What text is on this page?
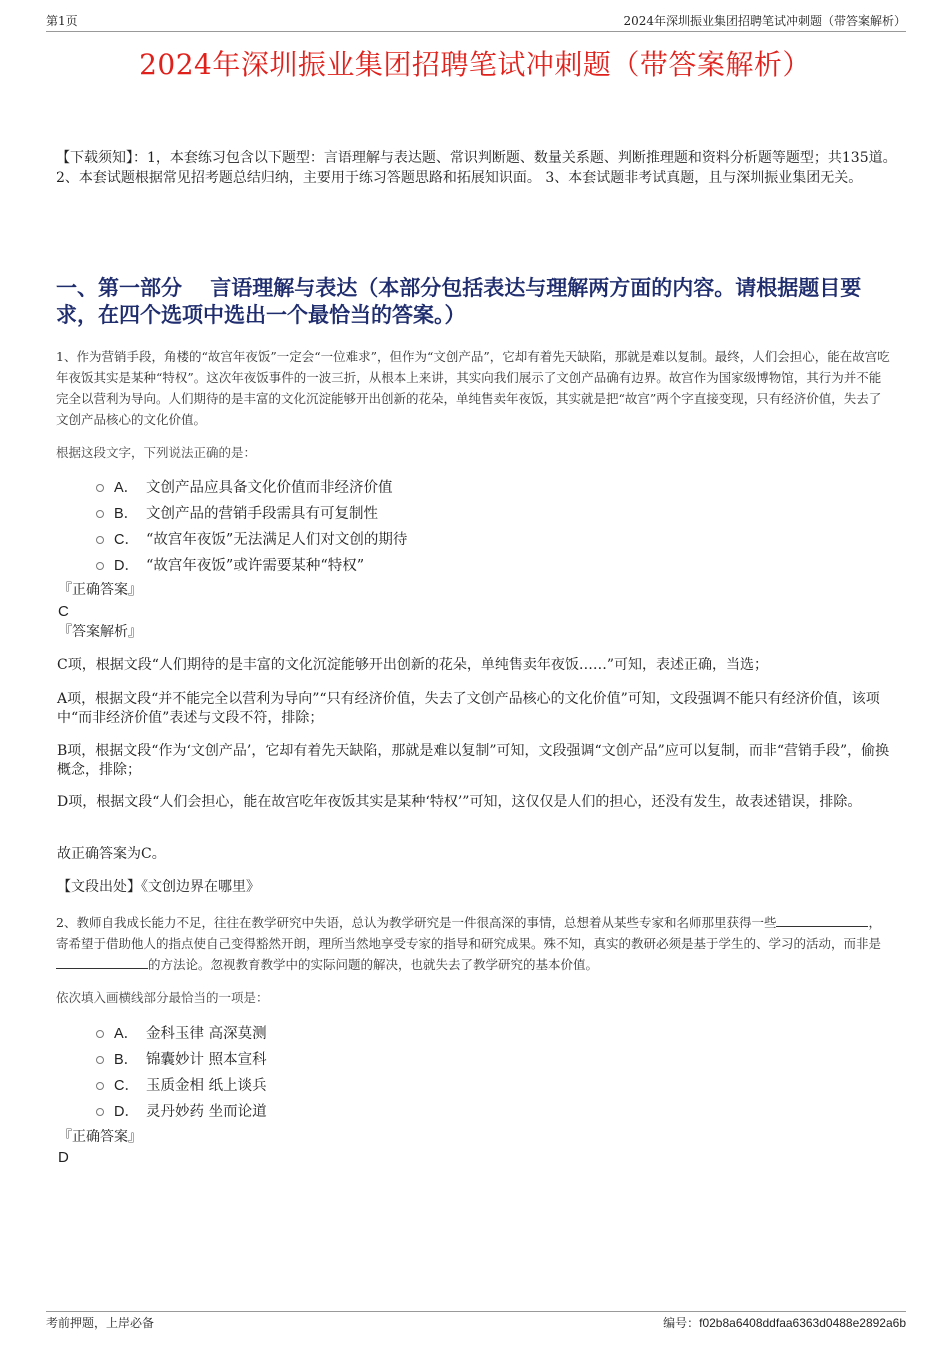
第1页	2024年深圳振业集团招聘笔试冲刺题（带答案解析）
2024年深圳振业集团招聘笔试冲刺题（带答案解析）

【下载须知】：1，本套练习包含以下题型：言语理解与表达题、常识判断题、数量关系题、判断推理题和资料分析题等题型；共135道。 2、本套试题根据常见招考题总结归纳，主要用于练习答题思路和拓展知识面。 3、本套试题非考试真题，且与深圳振业集团无关。

一、第一部分　 言语理解与表达（本部分包括表达与理解两方面的内容。请根据题目要求，在四个选项中选出一个最恰当的答案。）

1、作为营销手段，角楼的“故宫年夜饭”一定会“一位难求”，但作为“文创产品”，它却有着先天缺陷，那就是难以复制。最终，人们会担心，能在故宫吃年夜饭其实是某种“特权”。这次年夜饭事件的一波三折，从根本上来讲，其实向我们展示了文创产品确有边界。故宫作为国家级博物馆，其行为并不能完全以营利为导向。人们期待的是丰富的文化沉淀能够开出创新的花朵，单纯售卖年夜饭，其实就是把“故宫”两个字直接变现，只有经济价值，失去了文创产品核心的文化价值。

根据这段文字，下列说法正确的是：

A． 文创产品应具备文化价值而非经济价值
B． 文创产品的营销手段需具有可复制性
C． “故宫年夜饭”无法满足人们对文创的期待
D． “故宫年夜饭”或许需要某种“特权”

『正确答案』

C

『答案解析』

C项，根据文段“人们期待的是丰富的文化沉淀能够开出创新的花朵，单纯售卖年夜饭……”可知，表述正确，当选；

A项，根据文段“并不能完全以营利为导向”“只有经济价值，失去了文创产品核心的文化价值”可知，文段强调不能只有经济价值，该项中“而非经济价值”表述与文段不符，排除；

B项，根据文段“作为‘文创产品’，它却有着先天缺陷，那就是难以复制”可知，文段强调“文创产品”应可以复制，而非“营销手段”，偷换概念，排除；

D项，根据文段“人们会担心，能在故宫吃年夜饭其实是某种‘特权’”可知，这仅仅是人们的担心，还没有发生，故表述错误，排除。

故正确答案为C。

【文段出处】《文创边界在哪里》

2、教师自我成长能力不足，往往在教学研究中失语，总认为教学研究是一件很高深的事情，总想着从某些专家和名师那里获得一些	，寄希望于借助他人的指点使自己变得豁然开朗，理所当然地享受专家的指导和研究成果。殊不知，真实的教研必须是基于学生的、学习的活动，而非是的方法论。忽视教育教学中的实际问题的解决，也就失去了教学研究的基本价值。

依次填入画横线部分最恰当的一项是：

A． 金科玉律 高深莫测
B． 锦囊妙计 照本宣科
C． 玉质金相 纸上谈兵
D． 灵丹妙药 坐而论道

『正确答案』

D

考前押题，上岸必备	编号：f02b8a6408ddfaa6363d0488e2892a6b
